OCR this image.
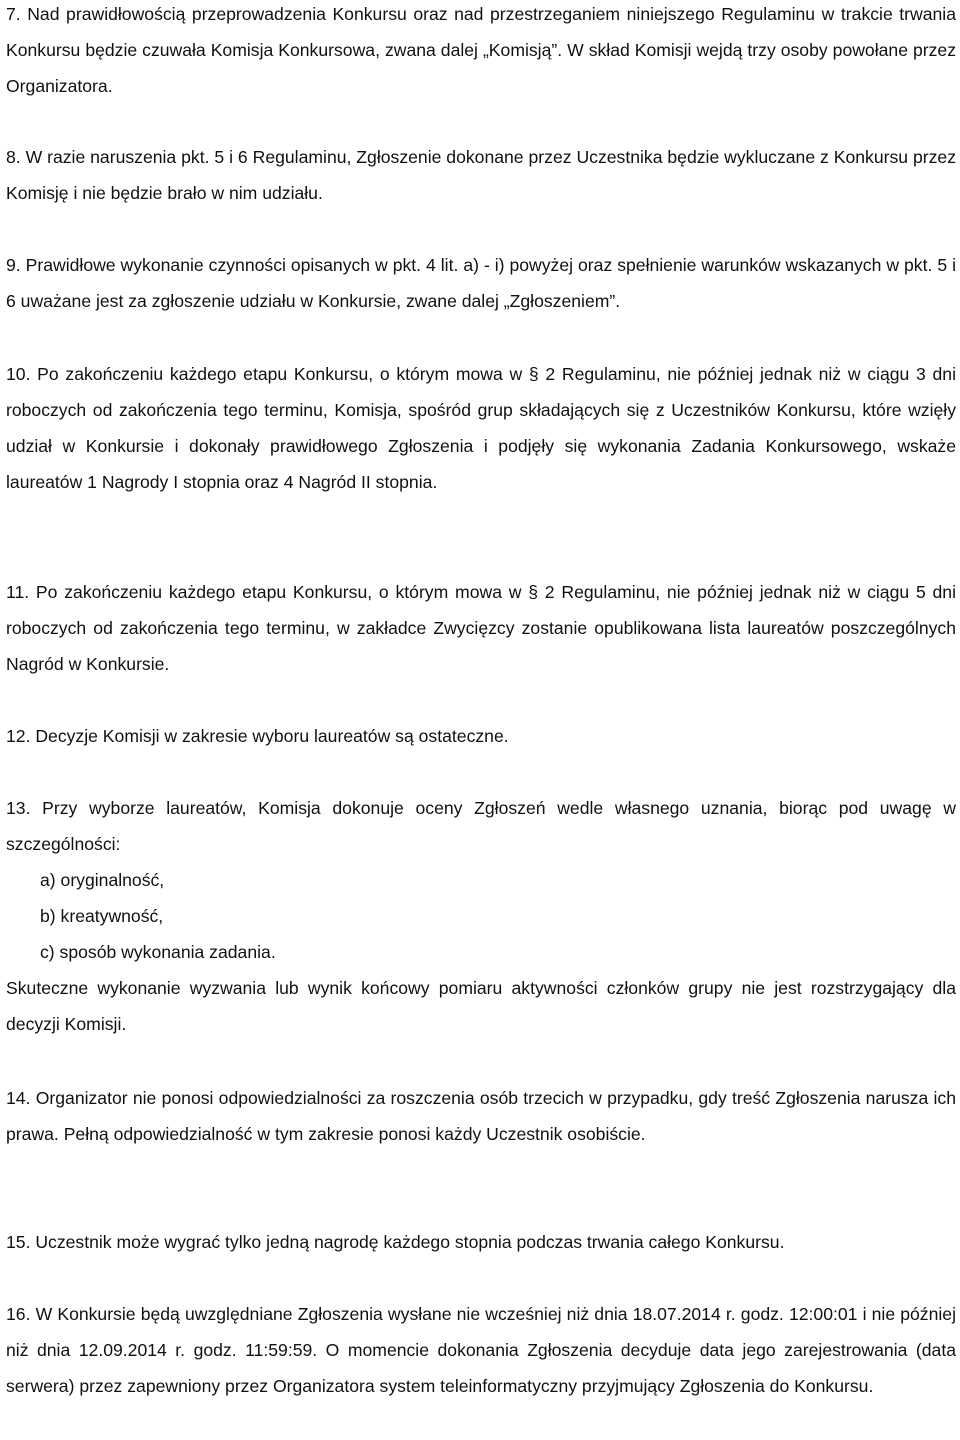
7. Nad prawidłowością przeprowadzenia Konkursu oraz nad przestrzeganiem niniejszego Regulaminu w trakcie trwania Konkursu będzie czuwała Komisja Konkursowa, zwana dalej „Komisją”. W skład Komisji wejdą trzy osoby powołane przez Organizatora.

8. W razie naruszenia pkt. 5 i 6 Regulaminu, Zgłoszenie dokonane przez Uczestnika będzie wykluczane z Konkursu przez Komisję i nie będzie brało w nim udziału.

9. Prawidłowe wykonanie czynności opisanych w pkt. 4 lit. a) - i) powyżej oraz spełnienie warunków wskazanych w pkt. 5 i 6 uważane jest za zgłoszenie udziału w Konkursie, zwane dalej „Zgłoszeniem”.

10. Po zakończeniu każdego etapu Konkursu, o którym mowa w § 2 Regulaminu, nie później jednak niż w ciągu 3 dni roboczych od zakończenia tego terminu, Komisja, spośród grup składających się z Uczestników Konkursu, które wzięły udział w Konkursie i dokonały prawidłowego Zgłoszenia i podjęły się wykonania Zadania Konkursowego, wskaże laureatów 1 Nagrody I stopnia oraz 4 Nagród II stopnia.

11. Po zakończeniu każdego etapu Konkursu, o którym mowa w § 2 Regulaminu, nie później jednak niż w ciągu 5 dni roboczych od zakończenia tego terminu, w zakładce Zwycięzcy zostanie opublikowana lista laureatów poszczególnych Nagród w Konkursie.

12. Decyzje Komisji w zakresie wyboru laureatów są ostateczne.

13. Przy wyborze laureatów, Komisja dokonuje oceny Zgłoszeń wedle własnego uznania, biorąc pod uwagę w szczególności:

a) oryginalność,
b) kreatywność,
c) sposób wykonania zadania.

Skuteczne wykonanie wyzwania lub wynik końcowy pomiaru aktywności członków grupy nie jest rozstrzygający dla decyzji Komisji.

14. Organizator nie ponosi odpowiedzialności za roszczenia osób trzecich w przypadku, gdy treść Zgłoszenia narusza ich prawa. Pełną odpowiedzialność w tym zakresie ponosi każdy Uczestnik osobiście.

15. Uczestnik może wygrać tylko jedną nagrodę każdego stopnia podczas trwania całego Konkursu.

16. W Konkursie będą uwzględniane Zgłoszenia wysłane nie wcześniej niż dnia 18.07.2014 r. godz. 12:00:01 i nie później niż dnia 12.09.2014 r. godz. 11:59:59. O momencie dokonania Zgłoszenia decyduje data jego zarejestrowania (data serwera) przez zapewniony przez Organizatora system teleinformatyczny przyjmujący Zgłoszenia do Konkursu.
